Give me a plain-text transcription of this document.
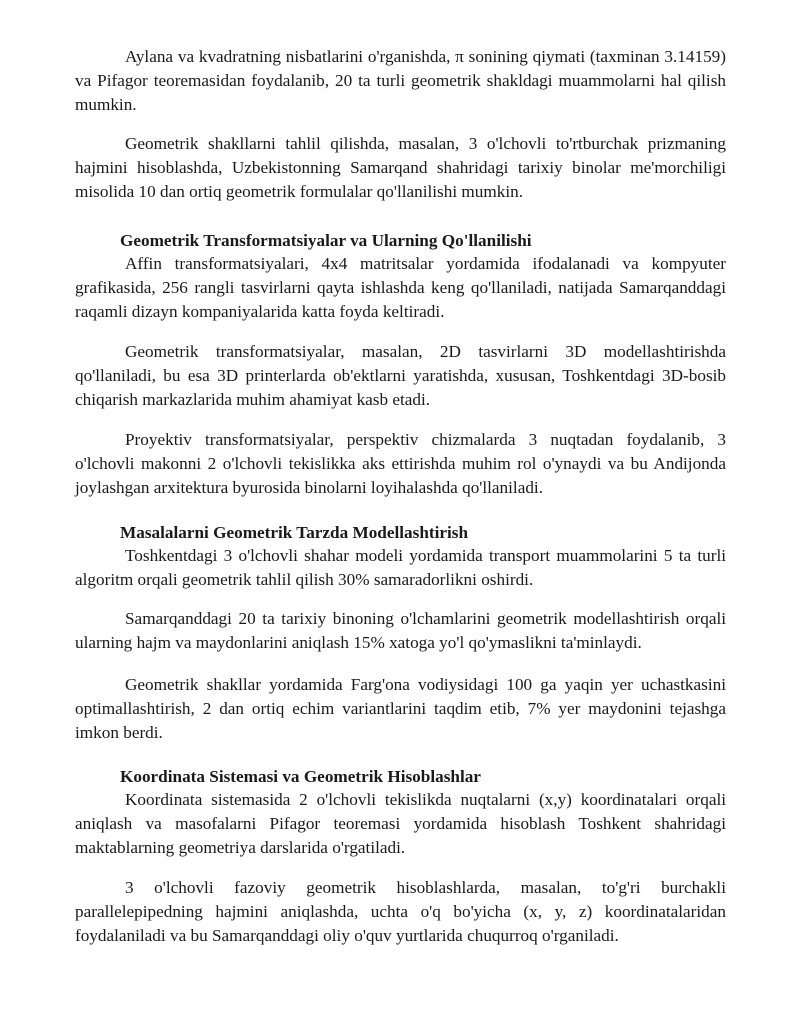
Aylana va kvadratning nisbatlarini o'rganishda, π sonining qiymati (taxminan 3.14159) va Pifagor teoremasidan foydalanib, 20 ta turli geometrik shakldagi muammolarni hal qilish mumkin.

Geometrik shakllarni tahlil qilishda, masalan, 3 o'lchovli to'rtburchak prizmaning hajmini hisoblashda, Uzbekistonning Samarqand shahridagi tarixiy binolar me'morchiligi misolida 10 dan ortiq geometrik formulalar qo'llanilishi mumkin.

Geometrik Transformatsiyalar va Ularning Qo'llanilishi

Affin transformatsiyalari, 4x4 matritsalar yordamida ifodalanadi va kompyuter grafikasida, 256 rangli tasvirlarni qayta ishlashda keng qo'llaniladi, natijada Samarqanddagi raqamli dizayn kompaniyalarida katta foyda keltiradi.

Geometrik transformatsiyalar, masalan, 2D tasvirlarni 3D modellashtirishda qo'llaniladi, bu esa 3D printerlarda ob'ektlarni yaratishda, xususan, Toshkentdagi 3D-bosib chiqarish markazlarida muhim ahamiyat kasb etadi.

Proyektiv transformatsiyalar, perspektiv chizmalarda 3 nuqtadan foydalanib, 3 o'lchovli makonni 2 o'lchovli tekislikka aks ettirishda muhim rol o'ynaydi va bu Andijonda joylashgan arxitektura byurosida binolarni loyihalashda qo'llaniladi.

Masalalarni Geometrik Tarzda Modellashtirish

Toshkentdagi 3 o'lchovli shahar modeli yordamida transport muammolarini 5 ta turli algoritm orqali geometrik tahlil qilish 30% samaradorlikni oshirdi.

Samarqanddagi 20 ta tarixiy binoning o'lchamlarini geometrik modellashtirish orqali ularning hajm va maydonlarini aniqlash 15% xatoga yo'l qo'ymaslikni ta'minlaydi.

Geometrik shakllar yordamida Farg'ona vodiysidagi 100 ga yaqin yer uchastkasini optimallashtirish, 2 dan ortiq echim variantlarini taqdim etib, 7% yer maydonini tejashga imkon berdi.

Koordinata Sistemasi va Geometrik Hisoblashlar

Koordinata sistemasida 2 o'lchovli tekislikda nuqtalarni (x,y) koordinatalari orqali aniqlash va masofalarni Pifagor teoremasi yordamida hisoblash Toshkent shahridagi maktablarning geometriya darslarida o'rgatiladi.

3 o'lchovli fazoviy geometrik hisoblashlarda, masalan, to'g'ri burchakli parallelepipedning hajmini aniqlashda, uchta o'q bo'yicha (x, y, z) koordinatalaridan foydalaniladi va bu Samarqanddagi oliy o'quv yurtlarida chuqurroq o'rganiladi.
